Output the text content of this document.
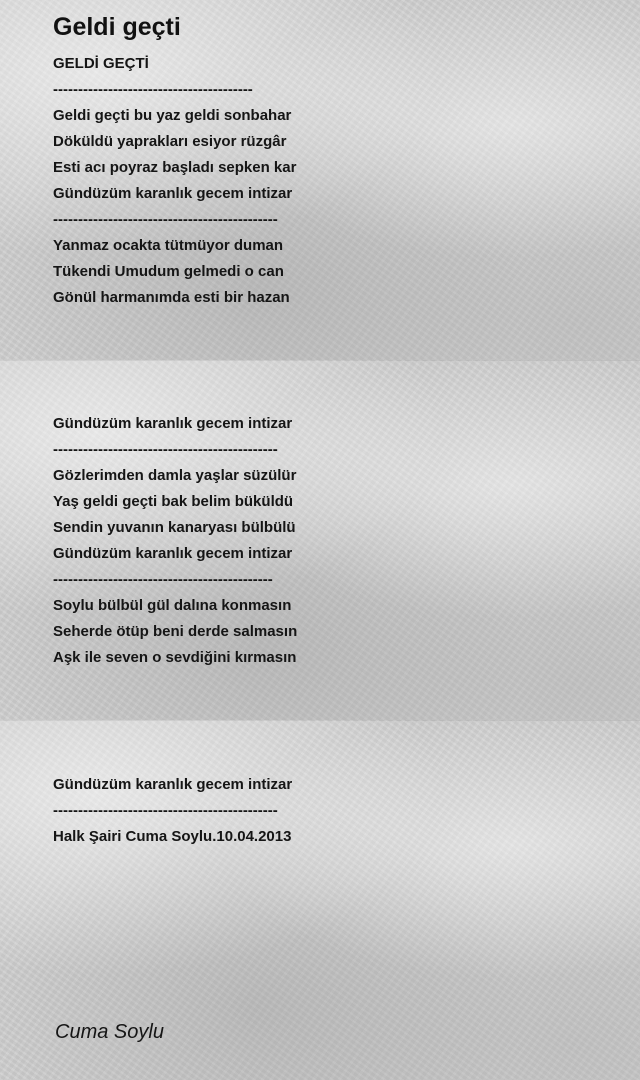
Geldi geçti
GELDİ GEÇTİ
----------------------------------------
Geldi geçti bu yaz geldi sonbahar
Döküldü yaprakları esiyor rüzgâr
Esti acı poyraz başladı sepken kar
Gündüzüm karanlık gecem intizar
---------------------------------------------
Yanmaz ocakta tütmüyor duman
Tükendi Umudum gelmedi o can
Gönül harmanımda esti bir hazan
Gündüzüm karanlık gecem intizar
---------------------------------------------
Gözlerimden damla yaşlar süzülür
Yaş geldi geçti bak belim büküldü
Sendin yuvanın kanaryası bülbülü
Gündüzüm karanlık gecem intizar
--------------------------------------------
Soylu bülbül gül dalına konmasın
Seherde ötüp beni derde salmasın
Aşk ile seven o sevdiğini kırmasın
Gündüzüm karanlık gecem intizar
---------------------------------------------
Halk Şairi Cuma Soylu.10.04.2013
Cuma Soylu
